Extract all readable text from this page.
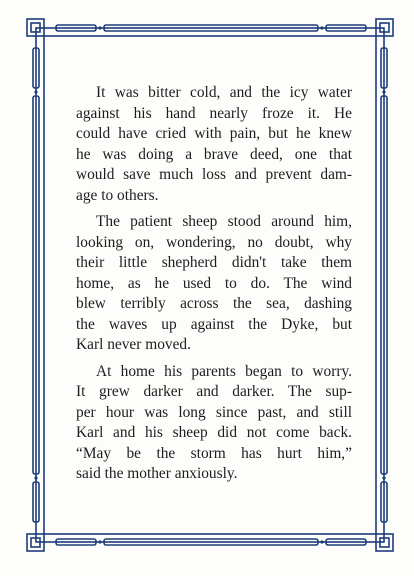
It was bitter cold, and the icy water
against his hand nearly froze it. He
could have cried with pain, but he knew
he was doing a brave deed, one that
would save much loss and prevent dam-
age to others.

The patient sheep stood around him,
looking on, wondering, no doubt, why
their little shepherd didn't take them
home, as he used to do. The wind
blew terribly across the sea, dashing
the waves up against the Dyke, but
Karl never moved.

At home his parents began to worry.
It grew darker and darker. The sup-
per hour was long since past, and still
Karl and his sheep did not come back.
“May be the storm has hurt him,”
said the mother anxiously.
